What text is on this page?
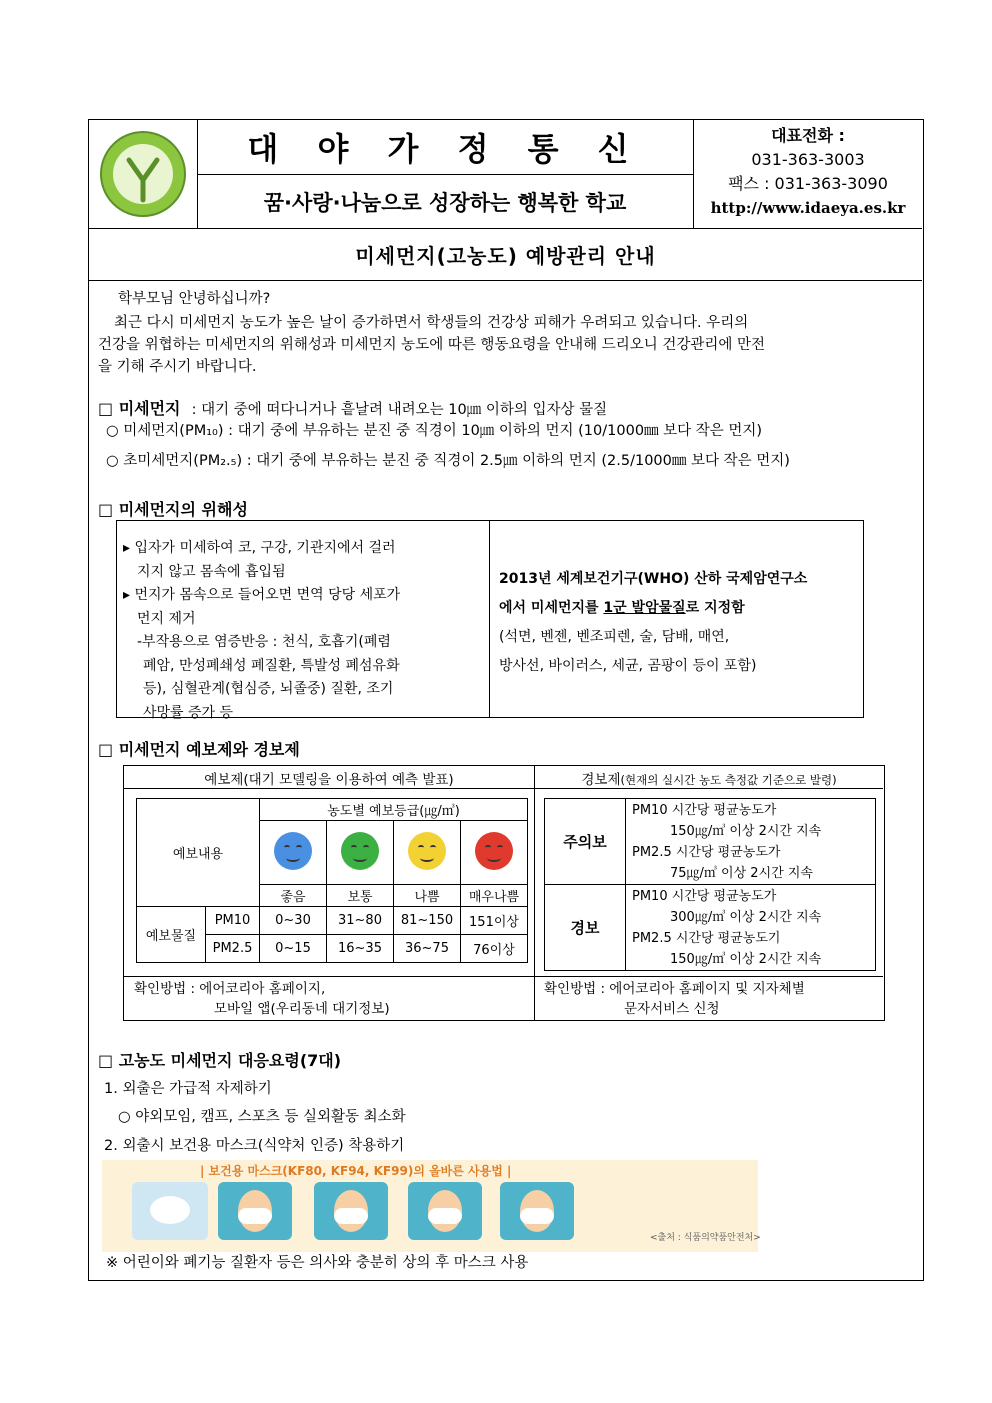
대 야 가 정 통 신
꿈·사랑·나눔으로 성장하는 행복한 학교
대표전화 :
031-363-3003
팩스 : 031-363-3090
http://www.idaeya.es.kr
미세먼지(고농도) 예방관리 안내
학부모님 안녕하십니까?
최근 다시 미세먼지 농도가 높은 날이 증가하면서 학생들의 건강상 피해가 우려되고 있습니다. 우리의
건강을 위협하는 미세먼지의 위해성과 미세먼지 농도에 따른 행동요령을 안내해 드리오니 건강관리에 만전
을 기해 주시기 바랍니다.
□ 미세먼지 : 대기 중에 떠다니거나 흩날려 내려오는 10㎛ 이하의 입자상 물질
○ 미세먼지(PM₁₀) : 대기 중에 부유하는 분진 중 직경이 10㎛ 이하의 먼지 (10/1000㎜ 보다 작은 먼지)
○ 초미세먼지(PM₂.₅) : 대기 중에 부유하는 분진 중 직경이 2.5㎛ 이하의 먼지 (2.5/1000㎜ 보다 작은 먼지)
□ 미세먼지의 위해성
▸ 입자가 미세하여 코, 구강, 기관지에서 걸러
지지 않고 몸속에 흡입됨
▸ 먼지가 몸속으로 들어오면 면역 당당 세포가
먼지 제거
-부작용으로 염증반응 : 천식, 호흡기(폐렴
폐암, 만성폐쇄성 폐질환, 특발성 폐섬유화
등), 심혈관계(협심증, 뇌졸중) 질환, 조기
사망률 증가 등
2013년 세계보건기구(WHO) 산하 국제암연구소
에서 미세먼지를 1군 발암물질로 지정함
(석면, 벤젠, 벤조피렌, 술, 담배, 매연,
방사선, 바이러스, 세균, 곰팡이 등이 포함)
□ 미세먼지 예보제와 경보제
예보제(대기 모델링을 이용하여 예측 발표)	경보제(현재의 실시간 농도 측정값 기준으로 발령)
예보내용		농도별 예보등급(㎍/㎥)			

		좋음	보통	나쁨	매우나쁨
예보물질	PM10	0~30	31~80	81~150	151이상
	PM2.5	0~15	16~35	36~75	76이상
주의보	PM10 시간당 평균농도가
150㎍/㎥ 이상 2시간 지속
PM2.5 시간당 평균농도가
75㎍/㎥ 이상 2시간 지속

경보	PM10 시간당 평균농도가
300㎍/㎥ 이상 2시간 지속
PM2.5 시간당 평균농도기
150㎍/㎥ 이상 2시간 지속
확인방법 : 에어코리아 홈페이지,
모바일 앱(우리동네 대기정보)
확인방법 : 에어코리아 홈페이지 및 지자체별
문자서비스 신청
□ 고농도 미세먼지 대응요령(7대)
1. 외출은 가급적 자제하기
○ 야외모임, 캠프, 스포츠 등 실외활동 최소화
2. 외출시 보건용 마스크(식약처 인증) 착용하기
| 보건용 마스크(KF80, KF94, KF99)의 올바른 사용법 |
<출처 : 식품의약품안전처>
※ 어린이와 폐기능 질환자 등은 의사와 충분히 상의 후 마스크 사용
